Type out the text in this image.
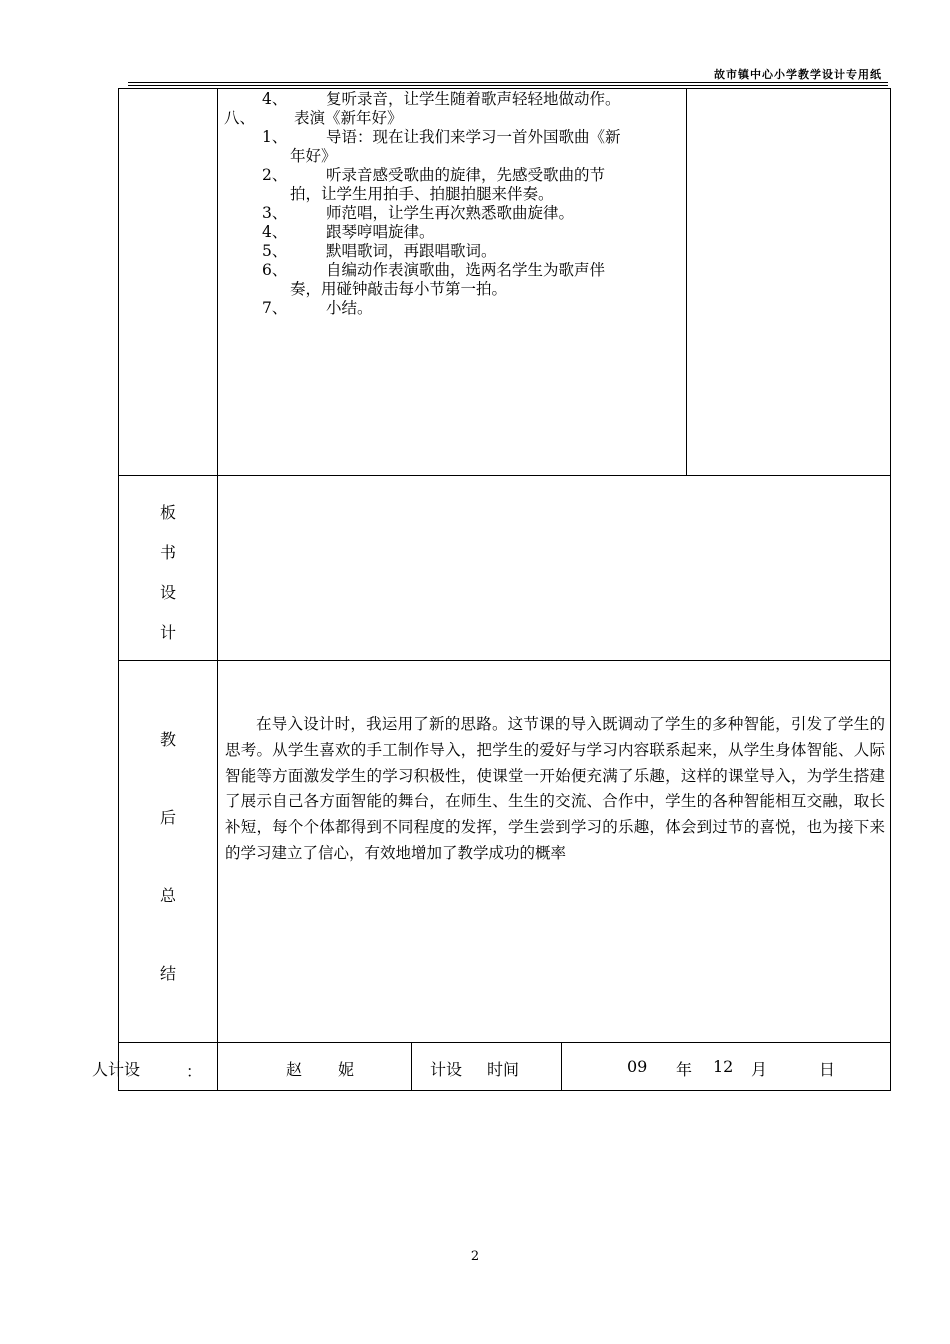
故市镇中心小学教学设计专用纸
4、 复听录音，让学生随着歌声轻轻地做动作。
八、	表演《新年好》
1、 导语：现在让我们来学习一首外国歌曲《新
年好》
2、 听录音感受歌曲的旋律，先感受歌曲的节
拍，让学生用拍手、拍腿拍腿来伴奏。
3、 师范唱，让学生再次熟悉歌曲旋律。
4、 跟琴哼唱旋律。
5、 默唱歌词，再跟唱歌词。
6、 自编动作表演歌曲，选两名学生为歌声伴
奏，用碰钟敲击每小节第一拍。
7、 小结。
板
书
设
计
教
后
总
结
在导入设计时，我运用了新的思路。这节课的导入既调动了学生的多种智能，引发了学生的思考。从学生喜欢的手工制作导入，把学生的爱好与学习内容联系起来，从学生身体智能、人际智能等方面激发学生的学习积极性，使课堂一开始便充满了乐趣，这样的课堂导入，为学生搭建了展示自己各方面智能的舞台，在师生、生生的交流、合作中，学生的各种智能相互交融，取长补短，每个个体都得到不同程度的发挥，学生尝到学习的乐趣，体会到过节的喜悦，也为接下来的学习建立了信心，有效地增加了教学成功的概率
人计设	：	赵 妮	计设 时间	09 年 12 月	日
2
